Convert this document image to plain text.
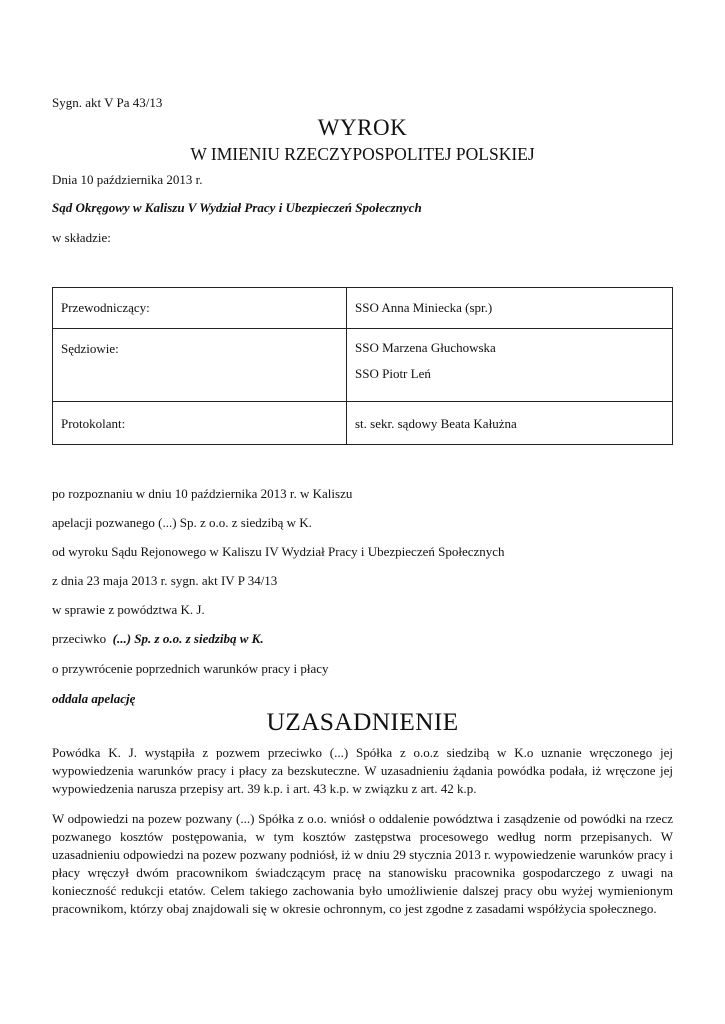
Sygn. akt V Pa 43/13
WYROK
W IMIENIU RZECZYPOSPOLITEJ POLSKIEJ
Dnia 10 października 2013 r.
Sąd Okręgowy w Kaliszu V Wydział Pracy i Ubezpieczeń Społecznych
w składzie:
Przewodniczący:	SSO Anna Miniecka (spr.)
Sędziowie:	SSO Marzena Głuchowska
SSO Piotr Leń

Protokolant:	st. sekr. sądowy Beata Kałużna
po rozpoznaniu w dniu 10 października 2013 r. w Kaliszu
apelacji pozwanego (...) Sp. z o.o. z siedzibą w K.
od wyroku Sądu Rejonowego w Kaliszu IV Wydział Pracy i Ubezpieczeń Społecznych
z dnia 23 maja 2013 r. sygn. akt IV P 34/13
w sprawie z powództwa K. J.
przeciwko  (...) Sp. z o.o. z siedzibą w K.
o przywrócenie poprzednich warunków pracy i płacy
oddala apelację
UZASADNIENIE
Powódka K. J. wystąpiła z pozwem przeciwko (...) Spółka z o.o.z siedzibą w K.o uznanie wręczonego jej wypowiedzenia warunków pracy i płacy za bezskuteczne. W uzasadnieniu żądania powódka podała, iż wręczone jej wypowiedzenia narusza przepisy art. 39 k.p. i art. 43 k.p. w związku z art. 42 k.p.
W odpowiedzi na pozew pozwany (...) Spółka z o.o. wniósł o oddalenie powództwa i zasądzenie od powódki na rzecz pozwanego kosztów postępowania, w tym kosztów zastępstwa procesowego według norm przepisanych. W uzasadnieniu odpowiedzi na pozew pozwany podniósł, iż w dniu 29 stycznia 2013 r. wypowiedzenie warunków pracy i płacy wręczył dwóm pracownikom świadczącym pracę na stanowisku pracownika gospodarczego z uwagi na konieczność redukcji etatów. Celem takiego zachowania było umożliwienie dalszej pracy obu wyżej wymienionym pracownikom, którzy obaj znajdowali się w okresie ochronnym, co jest zgodne z zasadami współżycia społecznego.
